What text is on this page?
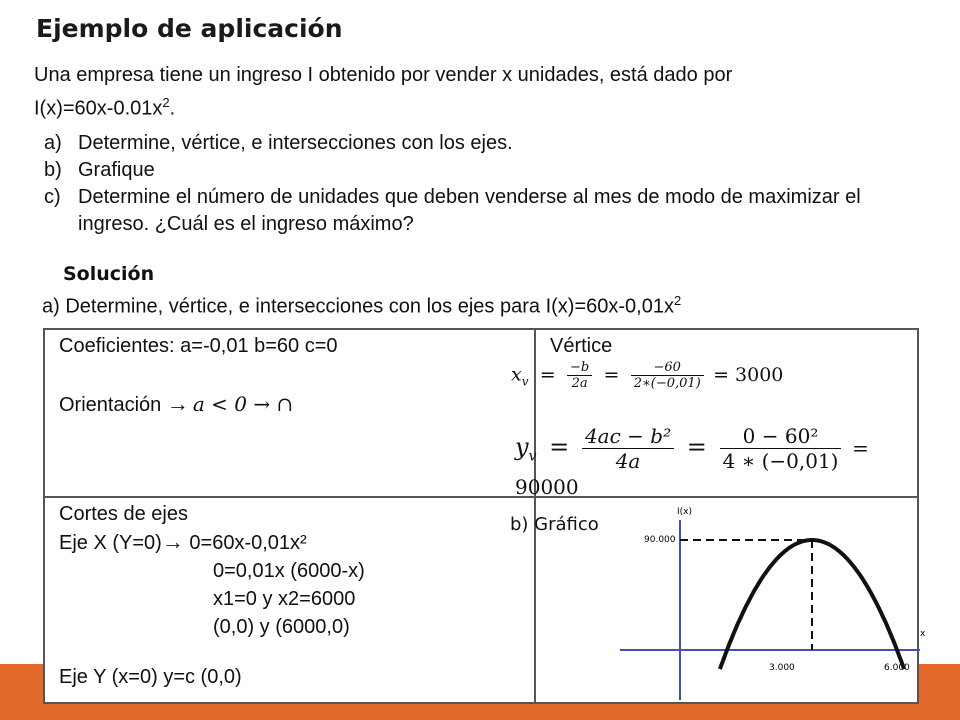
Ejemplo de aplicación
Una empresa tiene un ingreso I obtenido por vender x unidades, está dado por
$I(x)=60x-0.01x^2$.
a) Determine, vértice, e intersecciones con los ejes.
b) Grafique
c) Determine el número de unidades que deben venderse al mes de modo de maximizar el ingreso. ¿Cuál es el ingreso máximo?
Solución
a) Determine, vértice, e intersecciones con los ejes para $I(x)=60x-0,01x^2$
Coeficientes: a=-0,01 b=60 c=0
Orientación → a < 0 → ∩
Vértice
$x_v = \frac{-b}{2a} = \frac{-60}{2∗(-0,01)} = 3000$
$y_v = \frac{\text{4ac − b²}}{4a} = \frac{\text{0 − 60²}}{4 ∗ (-0,01)} = 90000$
Cortes de ejes
Eje X (Y=0)→ 0=60x-0,01x²
0=0,01x (6000-x)
x1=0 y x2=6000
(0,0) y (6000,0)
Eje Y (x=0) y=c (0,0)
b) Gráfico
I(x)
90.000
x
3.000	6.000
